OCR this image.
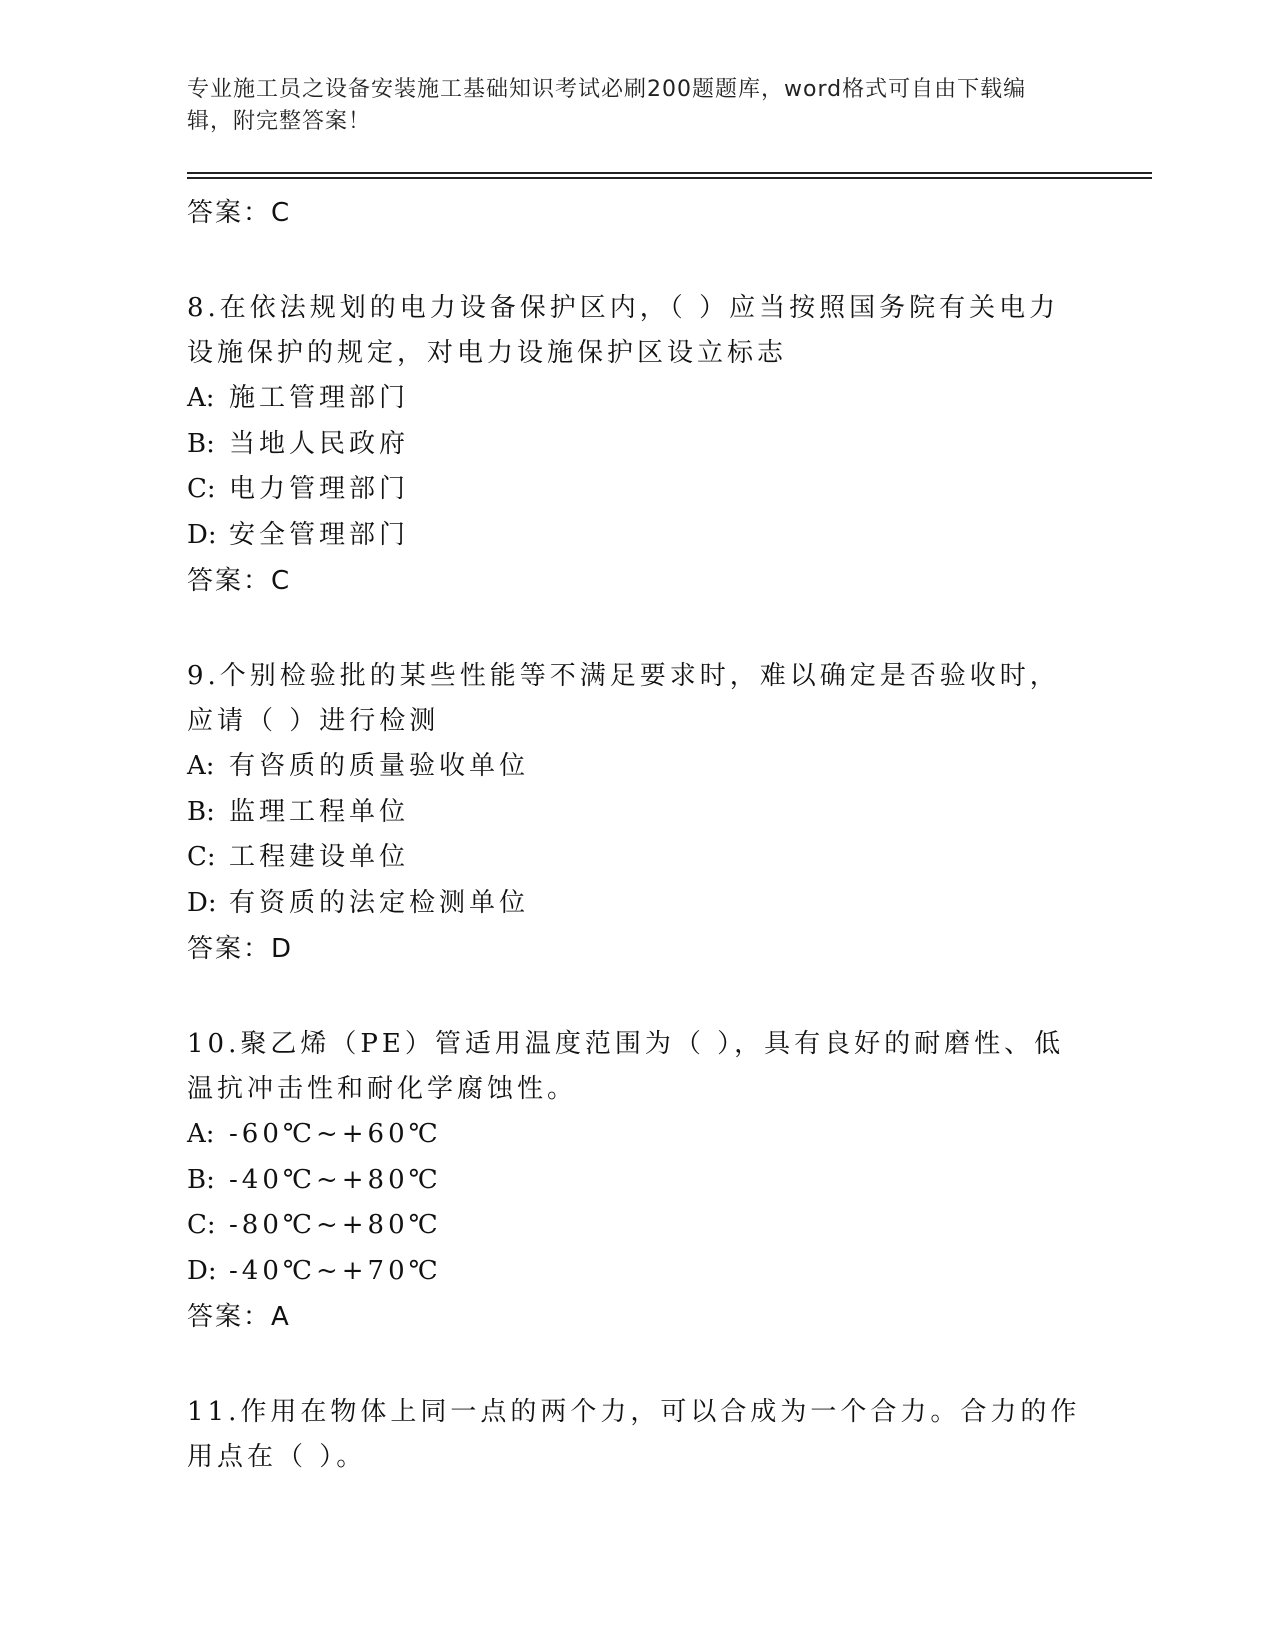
专业施工员之设备安装施工基础知识考试必刷200题题库，word格式可自由下载编辑，附完整答案！
答案：C
8.在依法规划的电力设备保护区内，（ ）应当按照国务院有关电力设施保护的规定，对电力设施保护区设立标志
A: 施工管理部门
B: 当地人民政府
C: 电力管理部门
D: 安全管理部门
答案：C
9.个别检验批的某些性能等不满足要求时，难以确定是否验收时，应请（ ）进行检测
A: 有咨质的质量验收单位
B: 监理工程单位
C: 工程建设单位
D: 有资质的法定检测单位
答案：D
10.聚乙烯（PE）管适用温度范围为（ ），具有良好的耐磨性、低温抗冲击性和耐化学腐蚀性。
A: -60℃~+60℃
B: -40℃~+80℃
C: -80℃~+80℃
D: -40℃~+70℃
答案：A
11.作用在物体上同一点的两个力，可以合成为一个合力。合力的作用点在（ ）。
